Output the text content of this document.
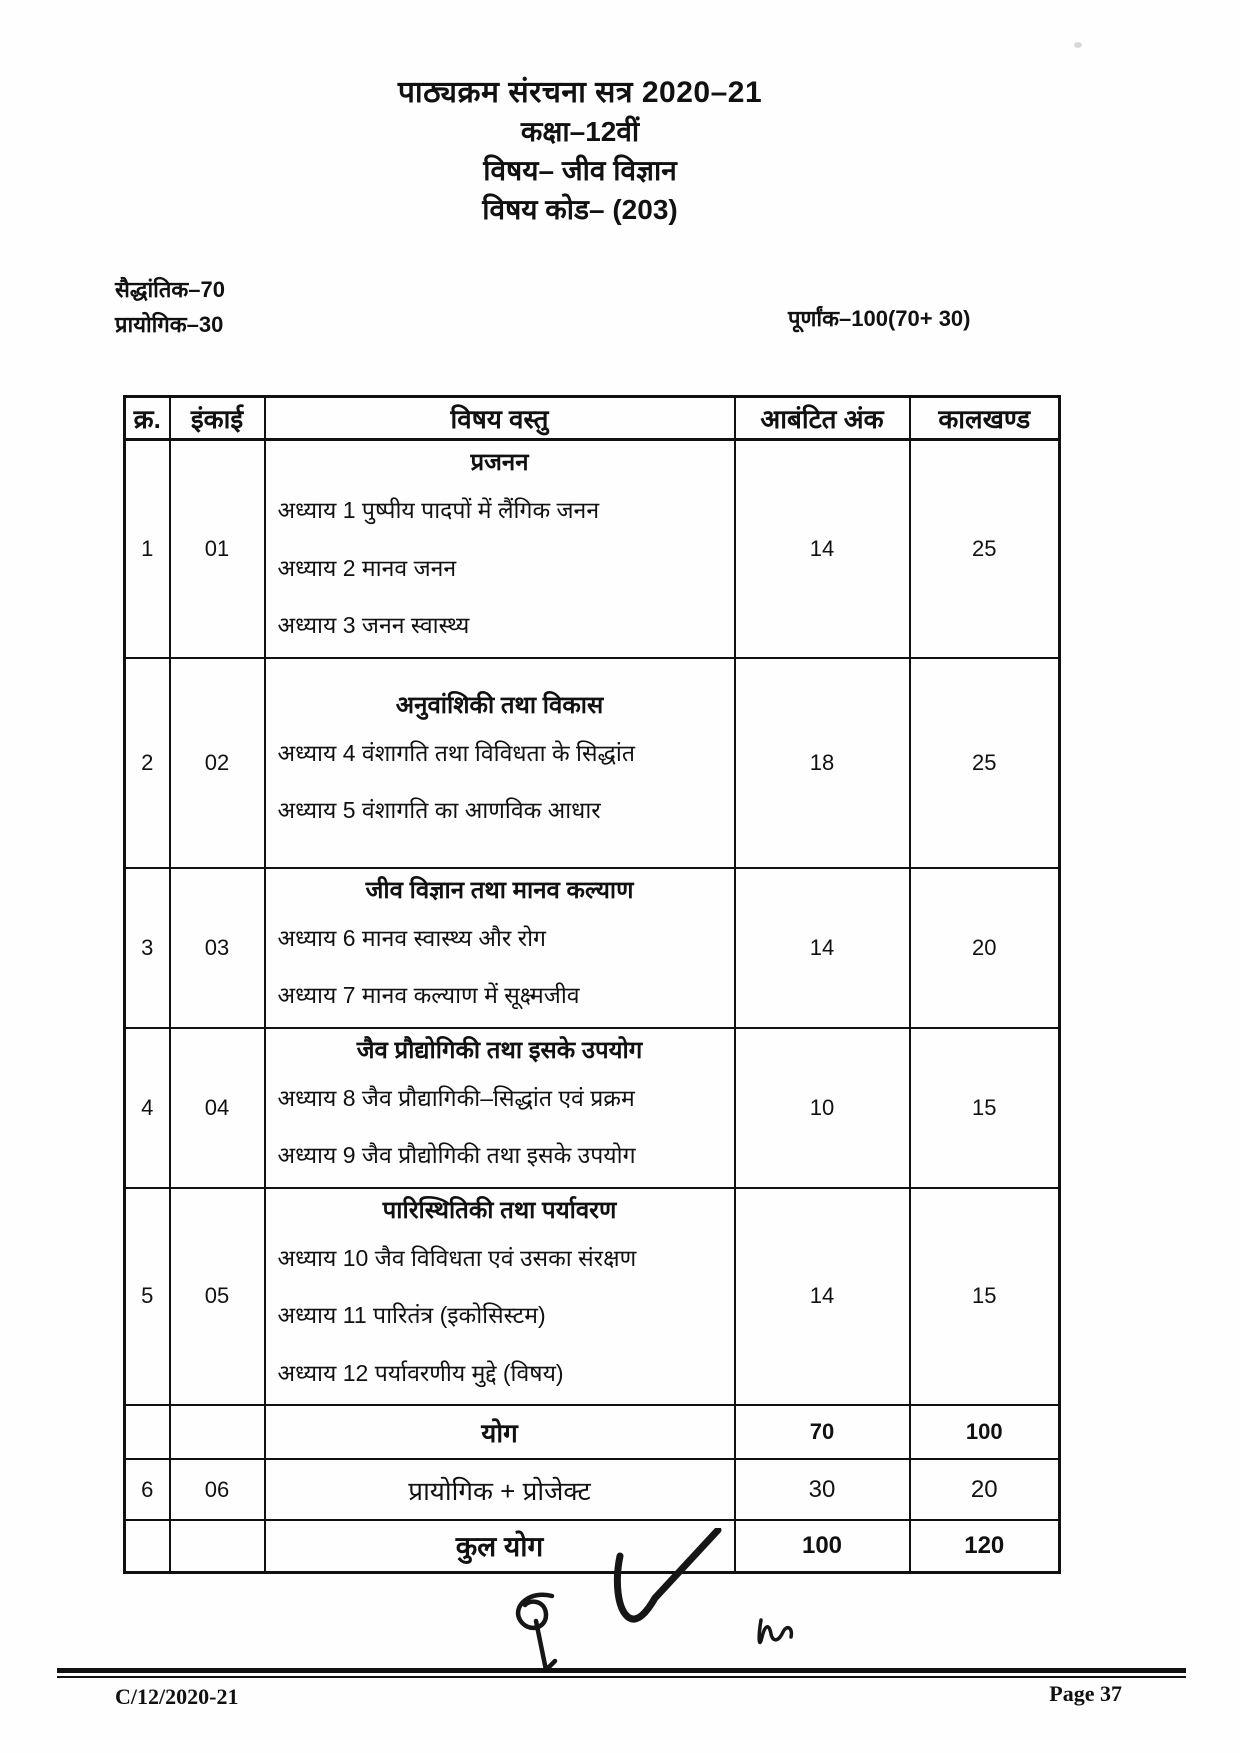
पाठ्यक्रम संरचना सत्र 2020–21
कक्षा–12वीं
विषय– जीव विज्ञान
विषय कोड– (203)
सैद्धांतिक–70
प्रायोगिक–30	पूर्णांक–100(70+ 30)
क्र.	इंकाई	विषय वस्तु	आबंटित अंक	कालखण्ड
1	01	प्रजनन
अध्याय 1 पुष्पीय पादपों में लैंगिक जनन
अध्याय 2 मानव जनन
अध्याय 3 जनन स्वास्थ्य	14	25
2	02	अनुवांशिकी तथा विकास
अध्याय 4 वंशागति तथा विविधता के सिद्धांत
अध्याय 5 वंशागति का आणविक आधार	18	25
3	03	जीव विज्ञान तथा मानव कल्याण
अध्याय 6 मानव स्वास्थ्य और रोग
अध्याय 7 मानव कल्याण में सूक्ष्मजीव	14	20
4	04	जैव प्रौद्योगिकी तथा इसके उपयोग
अध्याय 8 जैव प्रौद्यागिकी–सिद्धांत एवं प्रक्रम
अध्याय 9 जैव प्रौद्योगिकी तथा इसके उपयोग	10	15
5	05	पारिस्थितिकी तथा पर्यावरण
अध्याय 10 जैव विविधता एवं उसका संरक्षण
अध्याय 11 पारितंत्र (इकोसिस्टम)
अध्याय 12 पर्यावरणीय मुद्दे (विषय)	14	15

		योग	70	100
6	06	प्रायोगिक + प्रोजेक्ट	30	20

		कुल योग	100	120
C/12/2020-21	Page 37
